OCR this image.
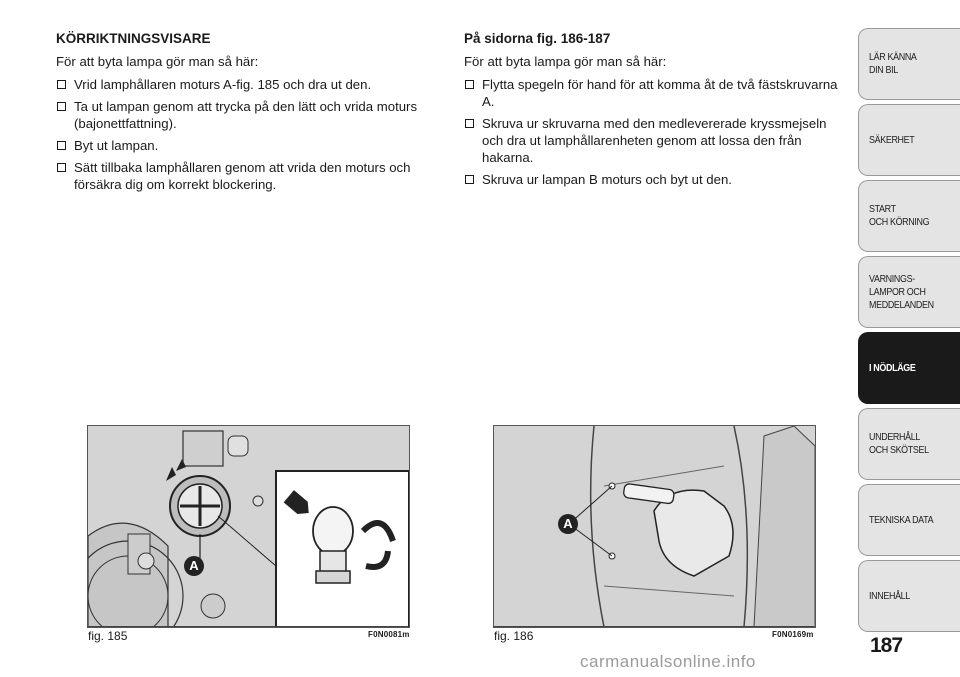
KÖRRIKTNINGSVISARE
För att byta lampa gör man så här:
Vrid lamphållaren moturs A-fig. 185 och dra ut den.
Ta ut lampan genom att trycka på den lätt och vrida moturs (bajonettfattning).
Byt ut lampan.
Sätt tillbaka lamphållaren genom att vrida den moturs och försäkra dig om korrekt blockering.
På sidorna fig. 186-187
För att byta lampa gör man så här:
Flytta spegeln för hand för att komma åt de två fästskruvarna A.
Skruva ur skruvarna med den medlevererade kryssmejseln och dra ut lamphållarenheten genom att lossa den från hakarna.
Skruva ur lampan B moturs och byt ut den.
A
fig. 185	F0N0081m
A
fig. 186	F0N0169m
LÄR KÄNNA
DIN BIL
SÄKERHET
START
OCH KÖRNING
VARNINGS-
LAMPOR OCH
MEDDELANDEN
I NÖDLÄGE
UNDERHÅLL
OCH SKÖTSEL
TEKNISKA DATA
INNEHÅLL
187
carmanualsonline.info
